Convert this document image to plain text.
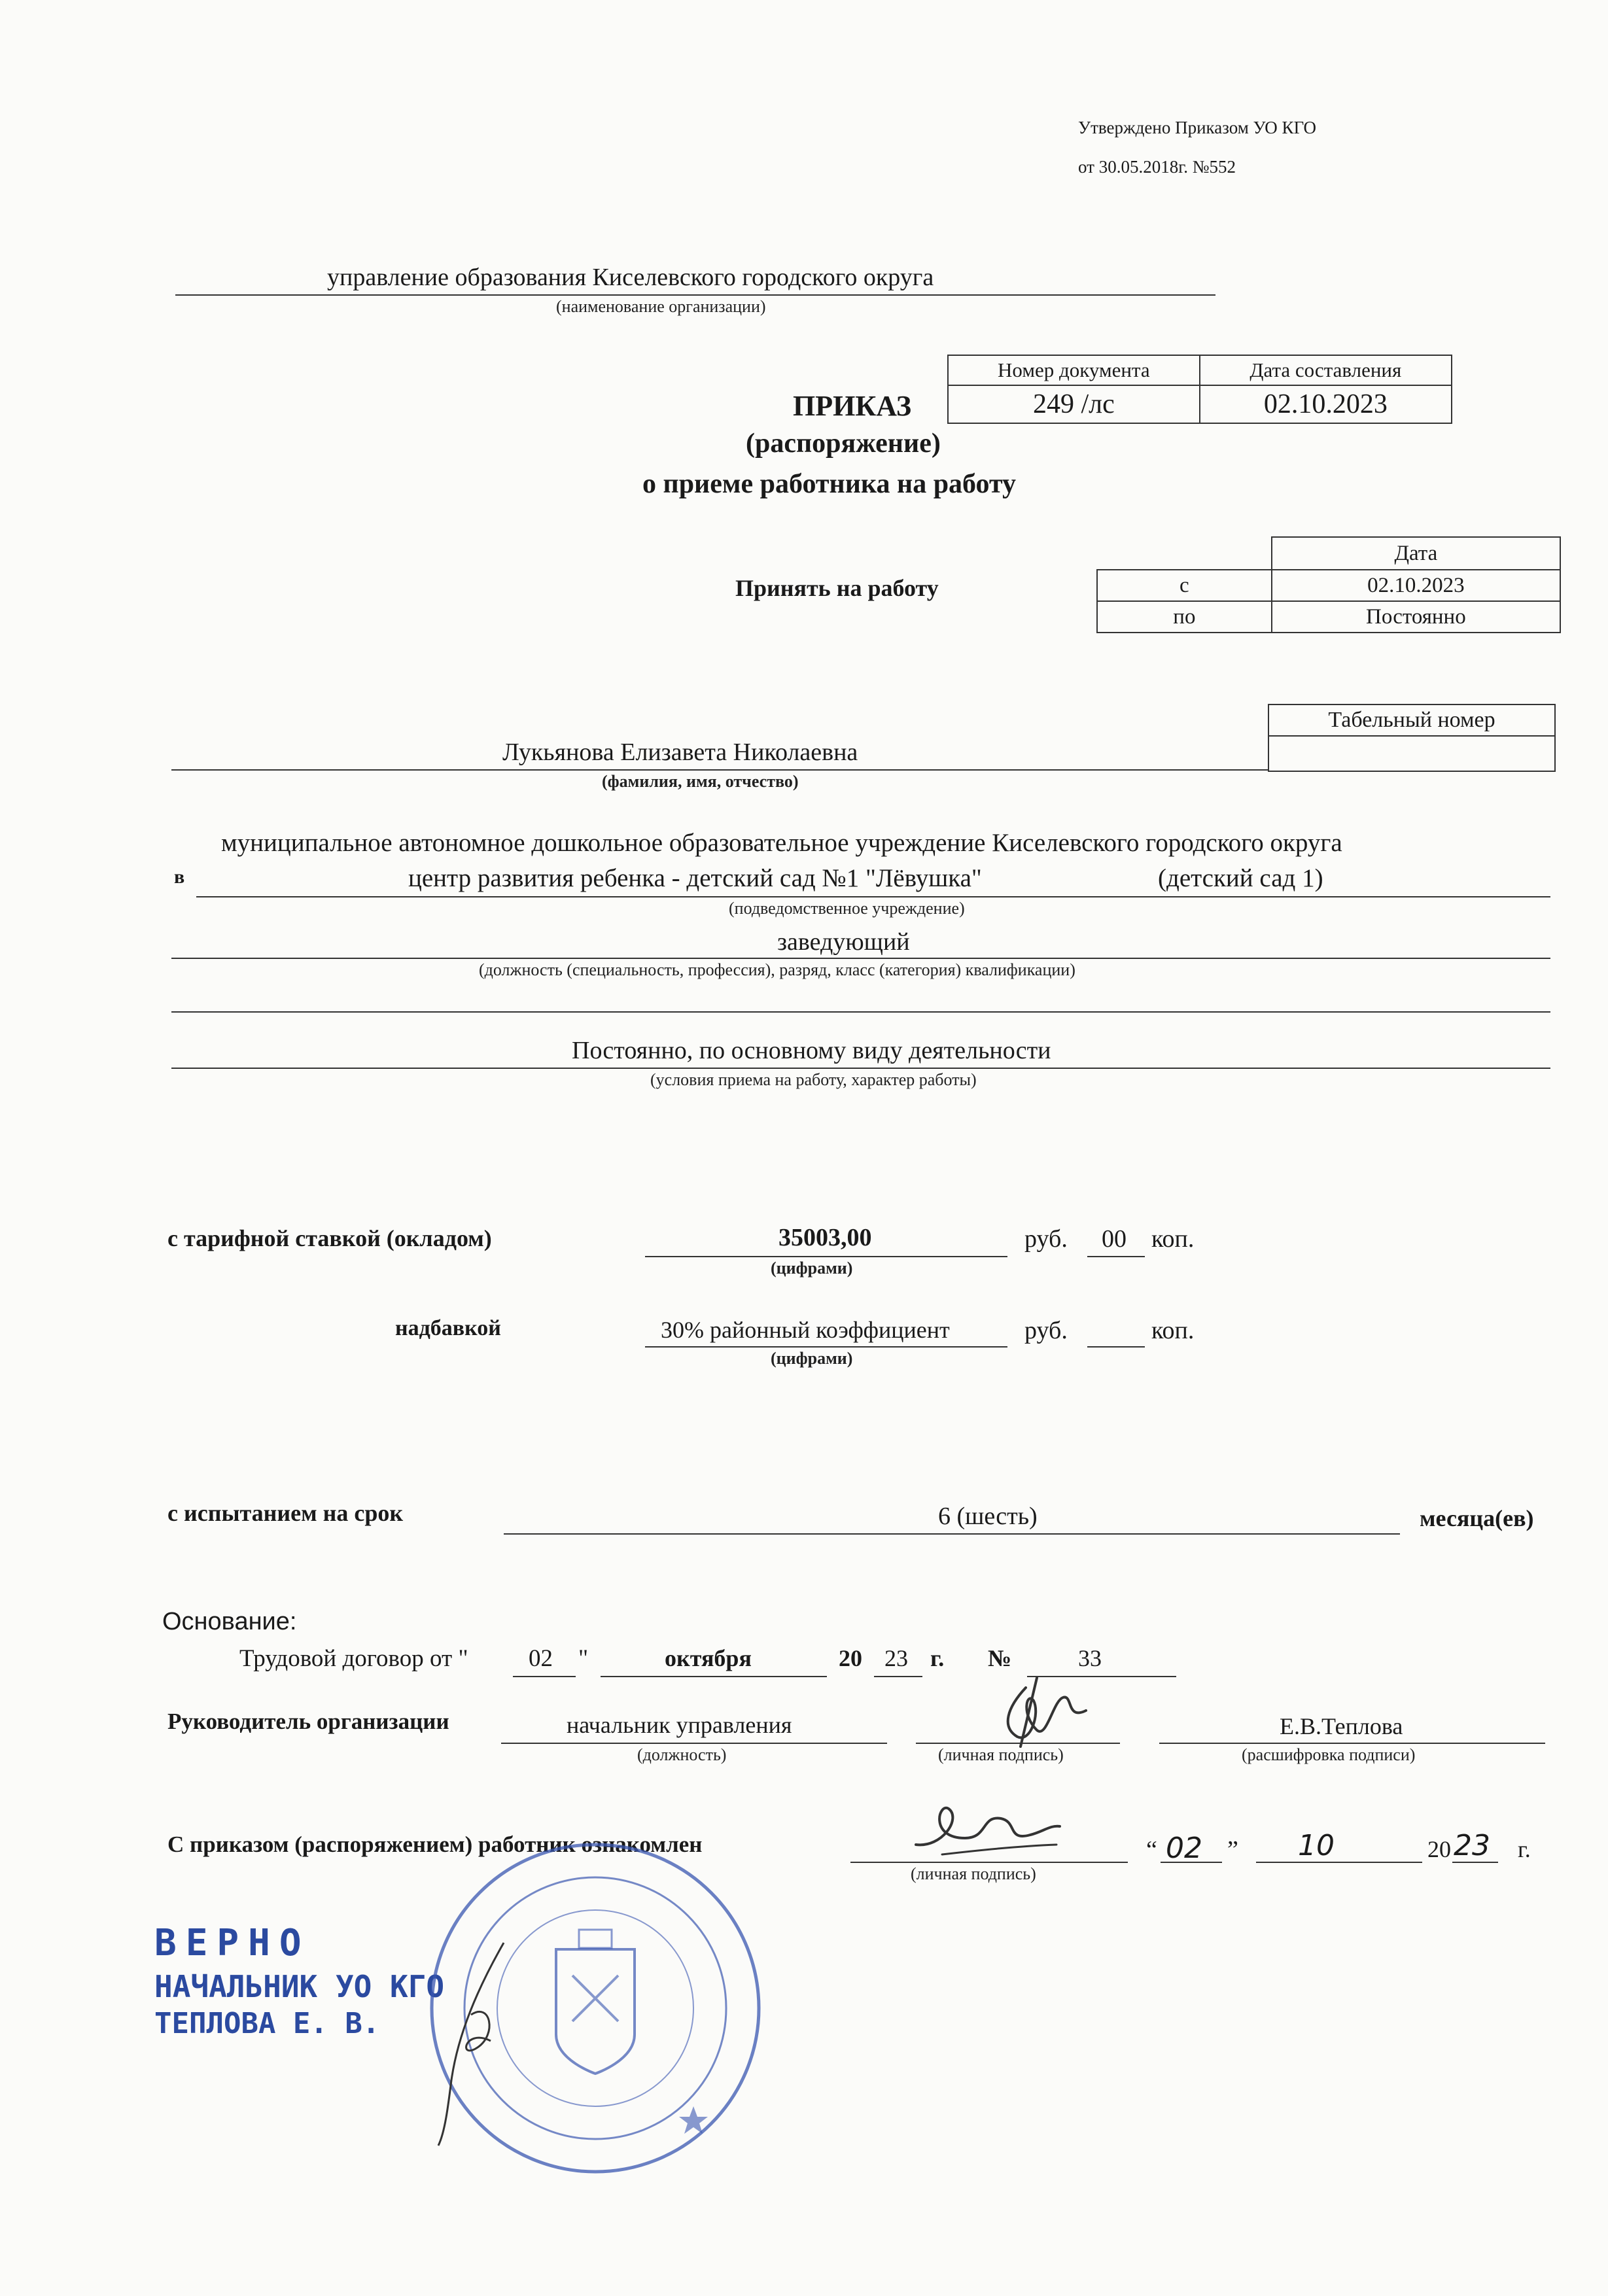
Утверждено Приказом УО КГО
от 30.05.2018г. №552
управление образования Киселевского городского округа
(наименование организации)
Номер документа	Дата составления
249 /лс	02.10.2023
ПРИКАЗ
(распоряжение)
о приеме работника на работу
Принять на работу
	Дата
с	02.10.2023
по	Постоянно
Табельный номер

Лукьянова Елизавета Николаевна
(фамилия, имя, отчество)
муниципальное автономное дошкольное образовательное учреждение Киселевского городского округа
в	центр развития ребенка - детский сад №1 "Лёвушка"	(детский сад 1)
(подведомственное учреждение)
заведующий
(должность (специальность, профессия), разряд, класс (категория) квалификации)
Постоянно, по основному виду деятельности
(условия приема на работу, характер работы)
с тарифной ставкой (окладом)	35003,00	руб. 00 коп.
(цифрами)
надбавкой	30% районный коэффициент	руб.	коп.
(цифрами)
с испытанием на срок	6 (шесть)	месяца(ев)
Основание:
Трудовой договор от " 02 "	октября	20 23 г. №	33
Руководитель организации	начальник управления
(должность)	(личная подпись)
Е.В.Теплова
(расшифровка подписи)
С приказом (распоряжением) работник ознакомлен
(личная подпись)
“ 02 ” 10	20 23 г.
ВЕРНО
НАЧАЛЬНИК УО КГО
ТЕПЛОВА Е. В.
